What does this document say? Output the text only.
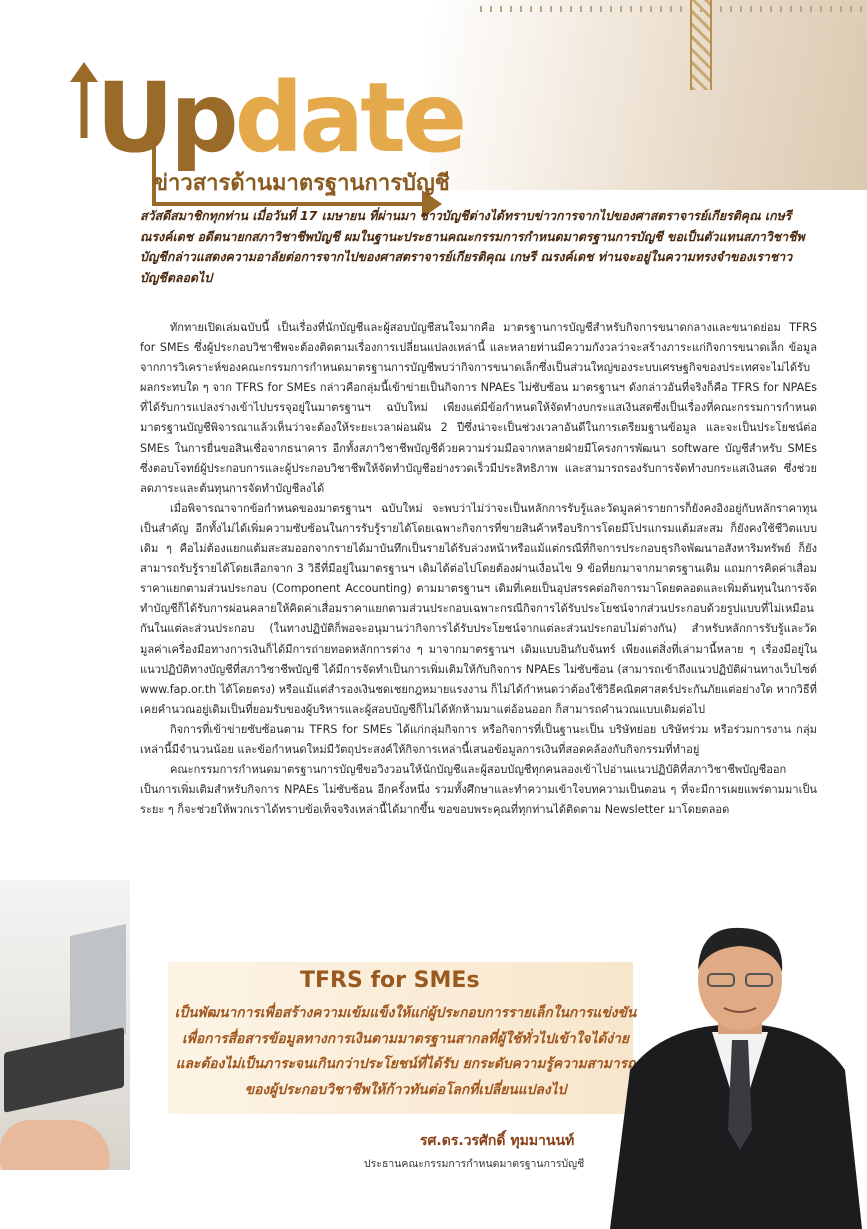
Update
ข่าวสารด้านมาตรฐานการบัญชี
สวัสดีสมาชิกทุกท่าน เมื่อวันที่ 17 เมษายน ที่ผ่านมา ชาวบัญชีต่างได้ทราบข่าวการจากไปของศาสตราจารย์เกียรติคุณ เกษรี ณรงค์เดช อดีตนายกสภาวิชาชีพบัญชี ผมในฐานะประธานคณะกรรมการกำหนดมาตรฐานการบัญชี ขอเป็นตัวแทนสภาวิชาชีพบัญชีกล่าวแสดงความอาลัยต่อการจากไปของศาสตราจารย์เกียรติคุณ เกษรี ณรงค์เดช ท่านจะอยู่ในความทรงจำของเราชาวบัญชีตลอดไป

ทักทายเปิดเล่มฉบับนี้ เป็นเรื่องที่นักบัญชีและผู้สอบบัญชีสนใจมากคือ มาตรฐานการบัญชีสำหรับกิจการขนาดกลางและขนาดย่อม TFRS for SMEs ซึ่งผู้ประกอบวิชาชีพจะต้องติดตามเรื่องการเปลี่ยนแปลงเหล่านี้ และหลายท่านมีความกังวลว่าจะสร้างภาระแก่กิจการขนาดเล็ก ข้อมูลจากการวิเคราะห์ของคณะกรรมการกำหนดมาตรฐานการบัญชีพบว่ากิจการขนาดเล็กซึ่งเป็นส่วนใหญ่ของระบบเศรษฐกิจของประเทศจะไม่ได้รับผลกระทบใด ๆ จาก TFRS for SMEs กล่าวคือกลุ่มนี้เข้าข่ายเป็นกิจการ NPAEs ไม่ซับซ้อน มาตรฐานฯ ดังกล่าวอันที่จริงก็คือ TFRS for NPAEs ที่ได้รับการแปลงร่างเข้าไปบรรจุอยู่ในมาตรฐานฯ ฉบับใหม่ เพียงแต่มีข้อกำหนดให้จัดทำงบกระแสเงินสดซึ่งเป็นเรื่องที่คณะกรรมการกำหนดมาตรฐานบัญชีพิจารณาแล้วเห็นว่าจะต้องให้ระยะเวลาผ่อนผัน 2 ปีซึ่งน่าจะเป็นช่วงเวลาอันดีในการเตรียมฐานข้อมูล และจะเป็นประโยชน์ต่อ SMEs ในการยื่นขอสินเชื่อจากธนาคาร อีกทั้งสภาวิชาชีพบัญชีด้วยความร่วมมือจากหลายฝ่ายมีโครงการพัฒนา software บัญชีสำหรับ SMEs ซึ่งตอบโจทย์ผู้ประกอบการและผู้ประกอบวิชาชีพให้จัดทำบัญชีอย่างรวดเร็วมีประสิทธิภาพ และสามารถรองรับการจัดทำงบกระแสเงินสด ซึ่งช่วยลดภาระและต้นทุนการจัดทำบัญชีลงได้

เมื่อพิจารณาจากข้อกำหนดของมาตรฐานฯ ฉบับใหม่ จะพบว่าไม่ว่าจะเป็นหลักการรับรู้และวัดมูลค่ารายการก็ยังคงอิงอยู่กับหลักราคาทุนเป็นสำคัญ อีกทั้งไม่ได้เพิ่มความซับซ้อนในการรับรู้รายได้โดยเฉพาะกิจการที่ขายสินค้าหรือบริการโดยมีโปรแกรมแต้มสะสม ก็ยังคงใช้ชีวิตแบบเดิม ๆ คือไม่ต้องแยกแต้มสะสมออกจากรายได้มาบันทึกเป็นรายได้รับล่วงหน้าหรือแม้แต่กรณีที่กิจการประกอบธุรกิจพัฒนาอสังหาริมทรัพย์ ก็ยังสามารถรับรู้รายได้โดยเลือกจาก 3 วิธีที่มีอยู่ในมาตรฐานฯ เดิมได้ต่อไปโดยต้องผ่านเงื่อนไข 9 ข้อที่ยกมาจากมาตรฐานเดิม แถมการคิดค่าเสื่อมราคาแยกตามส่วนประกอบ (Component Accounting) ตามมาตรฐานฯ เดิมที่เคยเป็นอุปสรรคต่อกิจการมาโดยตลอดและเพิ่มต้นทุนในการจัดทำบัญชีก็ได้รับการผ่อนคลายให้คิดค่าเสื่อมราคาแยกตามส่วนประกอบเฉพาะกรณีกิจการได้รับประโยชน์จากส่วนประกอบด้วยรูปแบบที่ไม่เหมือนกันในแต่ละส่วนประกอบ (ในทางปฏิบัติก็พอจะอนุมานว่ากิจการได้รับประโยชน์จากแต่ละส่วนประกอบไม่ต่างกัน) สำหรับหลักการรับรู้และวัดมูลค่าเครื่องมือทางการเงินก็ได้มีการถ่ายทอดหลักการต่าง ๆ มาจากมาตรฐานฯ เดิมแบบอินกับจันทร์ เพียงแต่สิ่งที่เล่ามานี้หลาย ๆ เรื่องมีอยู่ในแนวปฏิบัติทางบัญชีที่สภาวิชาชีพบัญชี ได้มีการจัดทำเป็นการเพิ่มเติมให้กับกิจการ NPAEs ไม่ซับซ้อน (สามารถเข้าถึงแนวปฏิบัติผ่านทางเว็บไซต์ www.fap.or.th ได้โดยตรง) หรือแม้แต่สำรองเงินชดเชยกฎหมายแรงงาน ก็ไม่ได้กำหนดว่าต้องใช้วิธีคณิตศาสตร์ประกันภัยแต่อย่างใด หากวิธีที่เคยคำนวณอยู่เดิมเป็นที่ยอมรับของผู้บริหารและผู้สอบบัญชีก็ไม่ได้หักห้ามมาแต่อ้อนออก ก็สามารถคำนวณแบบเดิมต่อไป

กิจการที่เข้าข่ายซับซ้อนตาม TFRS for SMEs ได้แก่กลุ่มกิจการ หรือกิจการที่เป็นฐานะเป็น บริษัทย่อย บริษัทร่วม หรือร่วมการงาน กลุ่มเหล่านี้มีจำนวนน้อย และข้อกำหนดใหม่มีวัตถุประสงค์ให้กิจการเหล่านี้เสนอข้อมูลการเงินที่สอดคล้องกับกิจกรรมที่ทำอยู่

คณะกรรมการกำหนดมาตรฐานการบัญชีขอวิงวอนให้นักบัญชีและผู้สอบบัญชีทุกคนลองเข้าไปอ่านแนวปฏิบัติที่สภาวิชาชีพบัญชีออกเป็นการเพิ่มเติมสำหรับกิจการ NPAEs ไม่ซับซ้อน อีกครั้งหนึ่ง รวมทั้งศึกษาและทำความเข้าใจบทความเป็นตอน ๆ ที่จะมีการเผยแพร่ตามมาเป็นระยะ ๆ ก็จะช่วยให้พวกเราได้ทราบข้อเท็จจริงเหล่านี้ได้มากขึ้น ขอขอบพระคุณที่ทุกท่านได้ติดตาม Newsletter มาโดยตลอด

TFRS for SMEs
เป็นพัฒนาการเพื่อสร้างความเข้มแข็งให้แก่ผู้ประกอบการรายเล็กในการแข่งขัน
เพื่อการสื่อสารข้อมูลทางการเงินตามมาตรฐานสากลที่ผู้ใช้ทั่วไปเข้าใจได้ง่าย
และต้องไม่เป็นภาระจนเกินกว่าประโยชน์ที่ได้รับ ยกระดับความรู้ความสามารถ
ของผู้ประกอบวิชาชีพให้ก้าวทันต่อโลกที่เปลี่ยนแปลงไป
รศ.ดร.วรศักดิ์ ทุมมานนท์
ประธานคณะกรรมการกำหนดมาตรฐานการบัญชี
